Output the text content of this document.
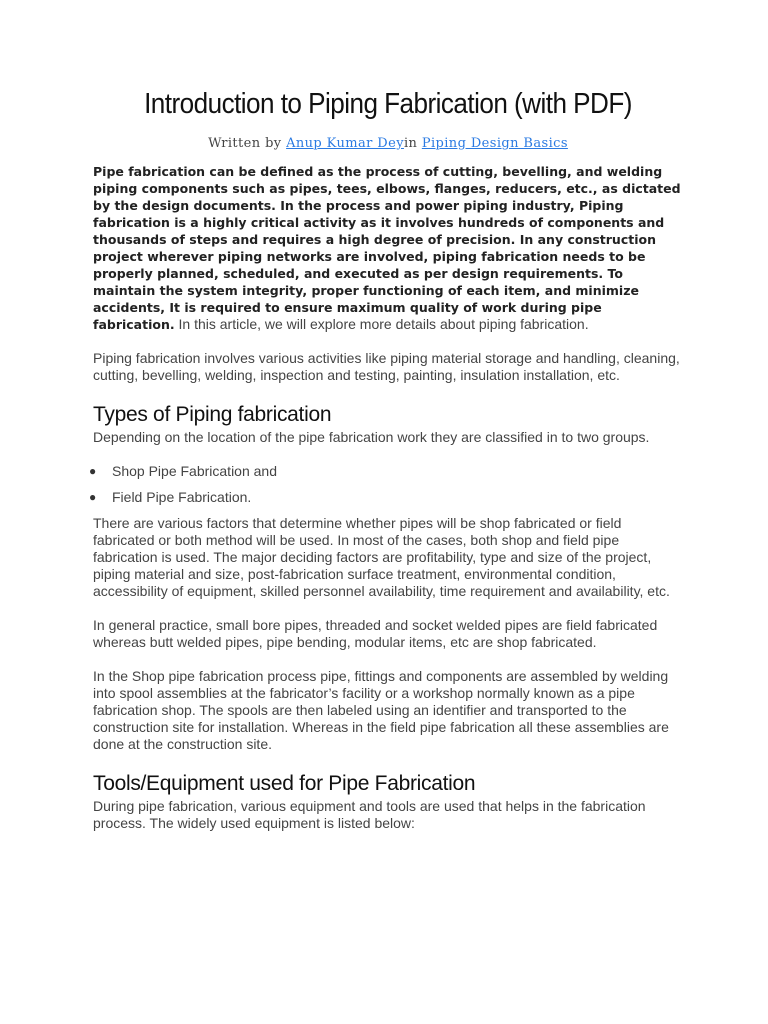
Introduction to Piping Fabrication (with PDF)
Written by Anup Kumar Deyin Piping Design Basics
Pipe fabrication can be defined as the process of cutting, bevelling, and welding piping components such as pipes, tees, elbows, flanges, reducers, etc., as dictated by the design documents. In the process and power piping industry, Piping fabrication is a highly critical activity as it involves hundreds of components and thousands of steps and requires a high degree of precision. In any construction project wherever piping networks are involved, piping fabrication needs to be properly planned, scheduled, and executed as per design requirements. To maintain the system integrity, proper functioning of each item, and minimize accidents, It is required to ensure maximum quality of work during pipe fabrication. In this article, we will explore more details about piping fabrication.

Piping fabrication involves various activities like piping material storage and handling, cleaning, cutting, bevelling, welding, inspection and testing, painting, insulation installation, etc.

Types of Piping fabrication

Depending on the location of the pipe fabrication work they are classified in to two groups.

● Shop Pipe Fabrication and
● Field Pipe Fabrication.

There are various factors that determine whether pipes will be shop fabricated or field fabricated or both method will be used. In most of the cases, both shop and field pipe fabrication is used. The major deciding factors are profitability, type and size of the project, piping material and size, post-fabrication surface treatment, environmental condition, accessibility of equipment, skilled personnel availability, time requirement and availability, etc.

In general practice, small bore pipes, threaded and socket welded pipes are field fabricated whereas butt welded pipes, pipe bending, modular items, etc are shop fabricated.

In the Shop pipe fabrication process pipe, fittings and components are assembled by welding into spool assemblies at the fabricator’s facility or a workshop normally known as a pipe fabrication shop. The spools are then labeled using an identifier and transported to the construction site for installation. Whereas in the field pipe fabrication all these assemblies are done at the construction site.

Tools/Equipment used for Pipe Fabrication

During pipe fabrication, various equipment and tools are used that helps in the fabrication process. The widely used equipment is listed below:
